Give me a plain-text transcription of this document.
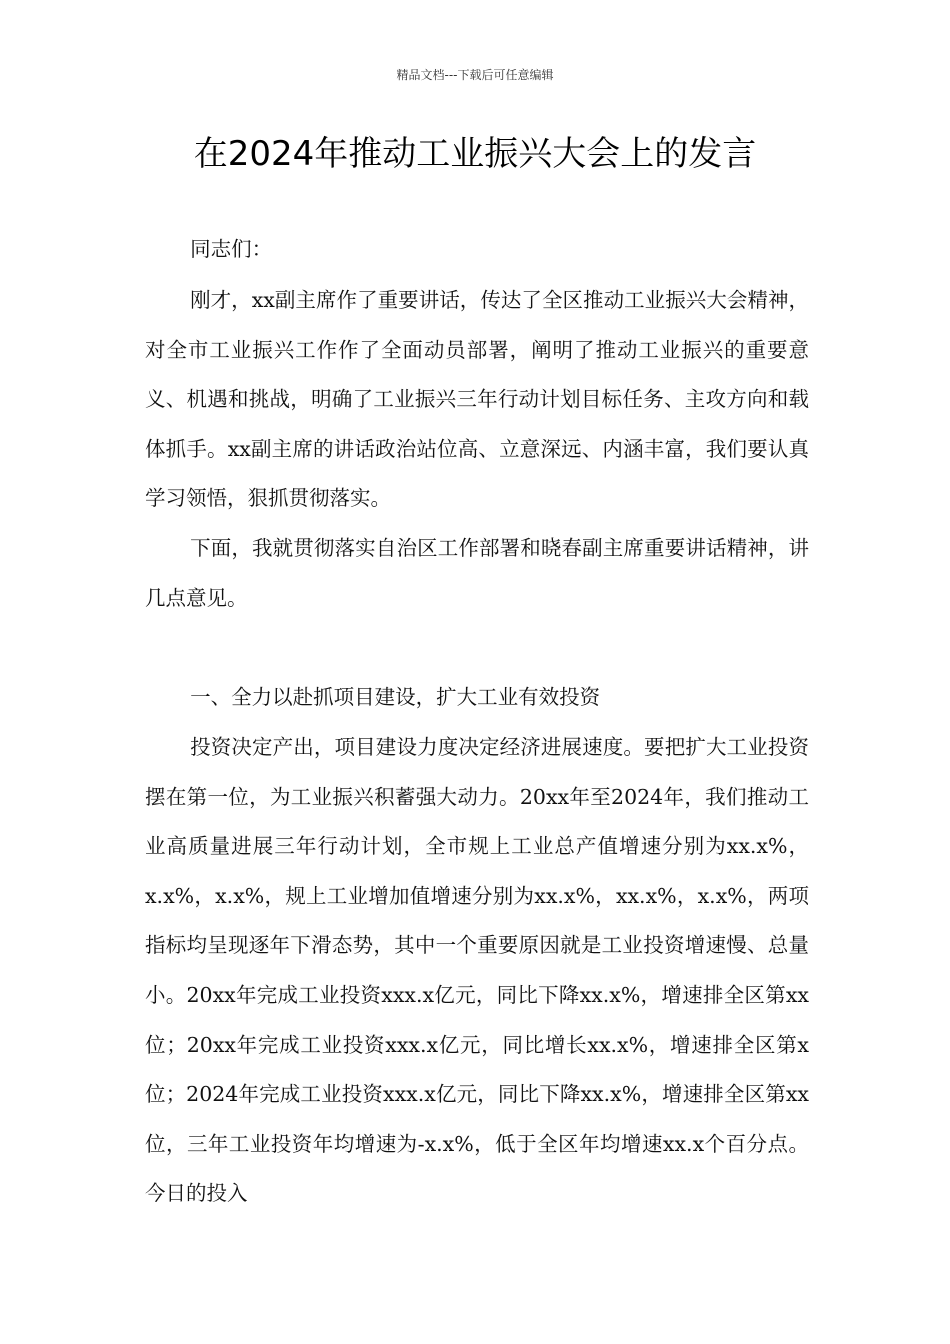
精品文档---下载后可任意编辑
在2024年推动工业振兴大会上的发言

同志们：

刚才，xx副主席作了重要讲话，传达了全区推动工业振兴大会精神，对全市工业振兴工作作了全面动员部署，阐明了推动工业振兴的重要意义、机遇和挑战，明确了工业振兴三年行动计划目标任务、主攻方向和载体抓手。xx副主席的讲话政治站位高、立意深远、内涵丰富，我们要认真学习领悟，狠抓贯彻落实。

下面，我就贯彻落实自治区工作部署和晓春副主席重要讲话精神，讲几点意见。

一、全力以赴抓项目建设，扩大工业有效投资

投资决定产出，项目建设力度决定经济进展速度。要把扩大工业投资摆在第一位，为工业振兴积蓄强大动力。20xx年至2024年，我们推动工业高质量进展三年行动计划，全市规上工业总产值增速分别为xx.x%，x.x%，x.x%，规上工业增加值增速分别为xx.x%，xx.x%，x.x%，两项指标均呈现逐年下滑态势，其中一个重要原因就是工业投资增速慢、总量小。20xx年完成工业投资xxx.x亿元，同比下降xx.x%，增速排全区第xx位；20xx年完成工业投资xxx.x亿元，同比增长xx.x%，增速排全区第x位；2024年完成工业投资xxx.x亿元，同比下降xx.x%，增速排全区第xx位，三年工业投资年均增速为-x.x%，低于全区年均增速xx.x个百分点。今日的投入
